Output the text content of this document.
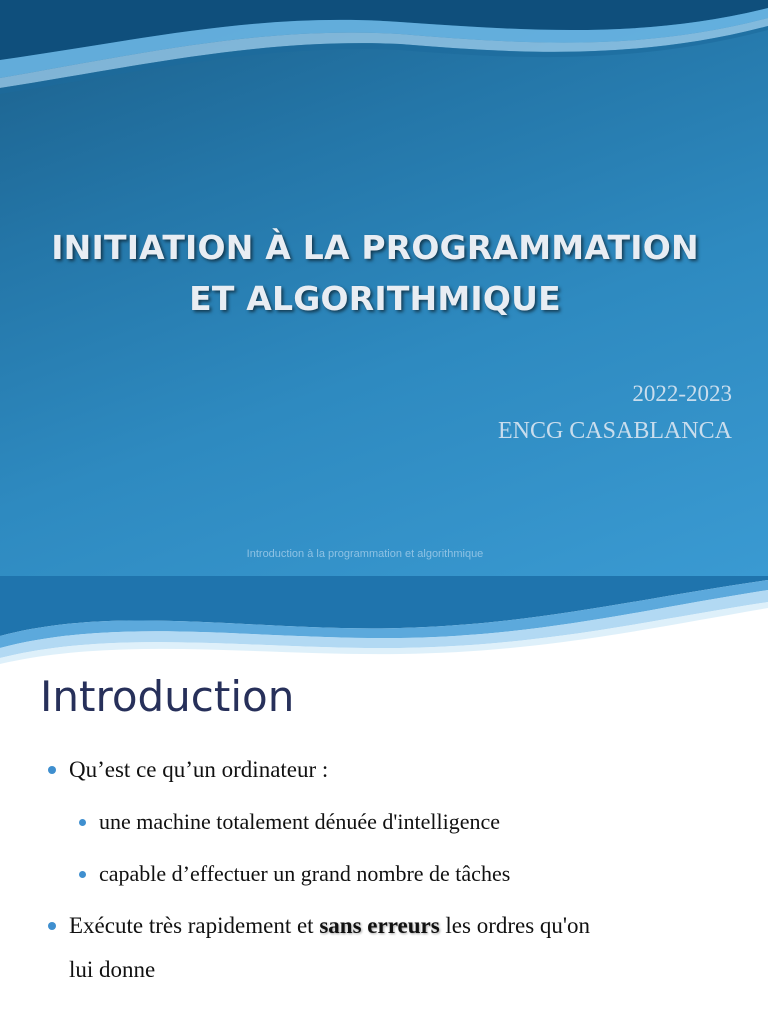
INITIATION À LA PROGRAMMATION
ET ALGORITHMIQUE
2022-2023
ENCG CASABLANCA
Introduction à la programmation et algorithmique
Introduction
Qu’est ce qu’un ordinateur :
une machine totalement dénuée d'intelligence
capable d’effectuer un grand nombre de tâches
Exécute très rapidement et sans erreurs les ordres qu'on
lui donne
